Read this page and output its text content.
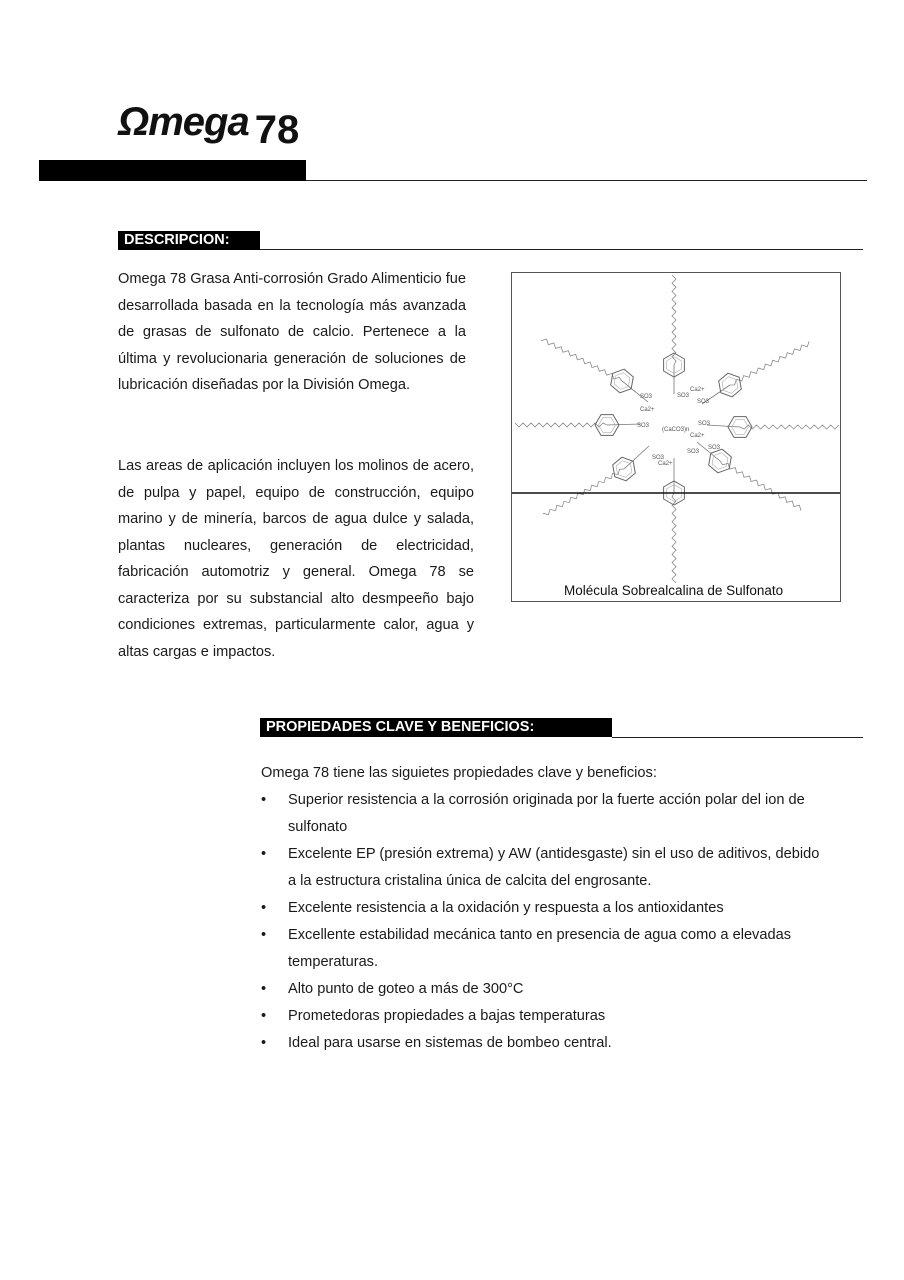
Ωmega 78
DESCRIPCION:

Omega 78 Grasa Anti-corrosión Grado Alimenticio fue desarrollada basada en la tecnología más avanzada de grasas de sulfonato de calcio. Pertenece a la última y revolucionaria generación de soluciones de lubricación diseñadas por la División Omega.

Las areas de aplicación incluyen los molinos de acero, de pulpa y papel, equipo de construcción, equipo marino y de minería, barcos de agua dulce y salada, plantas nucleares, generación de electricidad, fabricación automotriz y general. Omega 78 se caracteriza por su substancial alto desmpeeño bajo condiciones extremas, particularmente calor, agua y altas cargas e impactos.

(CaCO3)n
SO3	SO3
SO3
SO3	SO3
SO3
SO3
SO3
Ca2+
Ca2+
Ca2+
Ca2+
Molécula Sobrealcalina de Sulfonato
PROPIEDADES CLAVE Y BENEFICIOS:
Omega 78 tiene las siguietes propiedades clave y beneficios:
• Superior resistencia a la corrosión originada por la fuerte acción polar del ion de sulfonato
• Excelente EP (presión extrema) y AW (antidesgaste) sin el uso de aditivos, debido a la estructura cristalina única de calcita del engrosante.
• Excelente resistencia a la oxidación y respuesta a los antioxidantes
• Excellente estabilidad mecánica tanto en presencia de agua como a elevadas temperaturas.
• Alto punto de goteo a más de 300°C
• Prometedoras propiedades a bajas temperaturas
• Ideal para usarse en sistemas de bombeo central.
